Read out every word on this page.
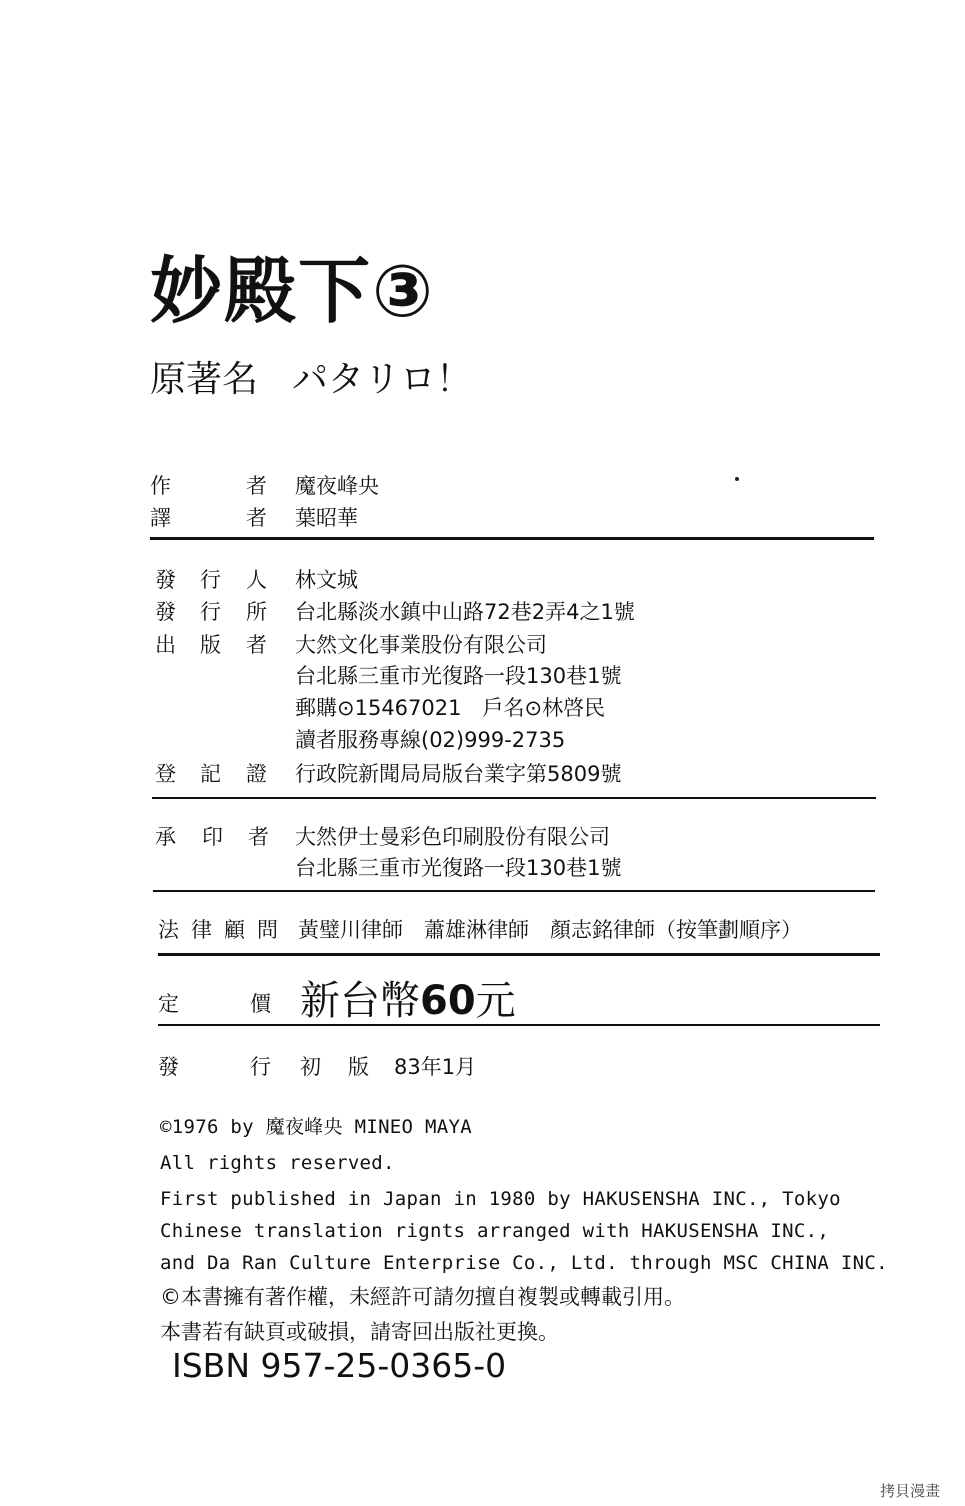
妙殿下③
原著名 パタリロ！
作	者 魔夜峰央
譯	者 葉昭華
發 行 人 林文城
發 行 所 台北縣淡水鎮中山路72巷2弄4之1號
出 版 者 大然文化事業股份有限公司
台北縣三重市光復路一段130巷1號
郵購⊙15467021　戶名⊙林啓民
讀者服務專線(02)999-2735
登 記 證 行政院新聞局局版台業字第5809號
承 印 者 大然伊士曼彩色印刷股份有限公司
台北縣三重市光復路一段130巷1號
法 律 顧 問 黃璧川律師　蕭雄淋律師　顏志銘律師（按筆劃順序）
定	價 新台幣60元
發	行 初 版 83年1月
©1976 by 魔夜峰央 MINEO MAYA
All rights reserved.
First published in Japan in 1980 by HAKUSENSHA INC., Tokyo
Chinese translation rignts arranged with HAKUSENSHA INC.,
and Da Ran Culture Enterprise Co., Ltd. through MSC CHINA INC.
©本書擁有著作權，未經許可請勿擅自複製或轉載引用。
本書若有缺頁或破損，請寄回出版社更換。
ISBN 957-25-0365-0
拷貝漫畫
